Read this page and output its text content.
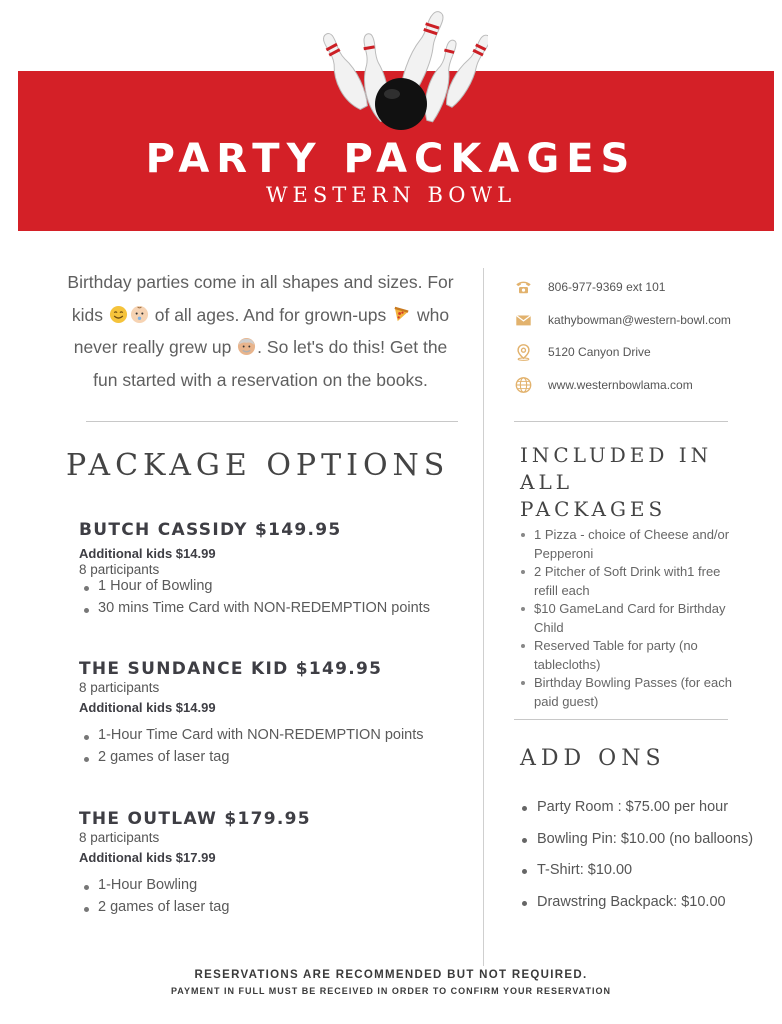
PARTY PACKAGES
WESTERN BOWL
Birthday parties come in all shapes and sizes. For
kids	of all ages. And for grown-ups who
never really grew up . So let's do this! Get the
fun started with a reservation on the books.
806-977-9369 ext 101
kathybowman@western-bowl.com
5120 Canyon Drive
www.westernbowlama.com
PACKAGE OPTIONS
BUTCH CASSIDY $149.95
Additional kids $14.99
8 participants
1 Hour of Bowling
30 mins Time Card with NON-REDEMPTION points
THE SUNDANCE KID $149.95
8 participants
Additional kids $14.99
1-Hour Time Card with NON-REDEMPTION points
2 games of laser tag
THE OUTLAW $179.95
8 participants
Additional kids $17.99
1-Hour Bowling
2 games of laser tag
INCLUDED IN
ALL
PACKAGES
1 Pizza - choice of Cheese and/or Pepperoni
2 Pitcher of Soft Drink with1 free refill each
$10 GameLand Card for Birthday Child
Reserved Table for party (no tablecloths)
Birthday Bowling Passes (for each paid guest)
ADD ONS
Party Room : $75.00 per hour
Bowling Pin: $10.00 (no balloons)
T-Shirt: $10.00
Drawstring Backpack: $10.00
RESERVATIONS ARE RECOMMENDED BUT NOT REQUIRED.
PAYMENT IN FULL MUST BE RECEIVED IN ORDER TO CONFIRM YOUR RESERVATION
